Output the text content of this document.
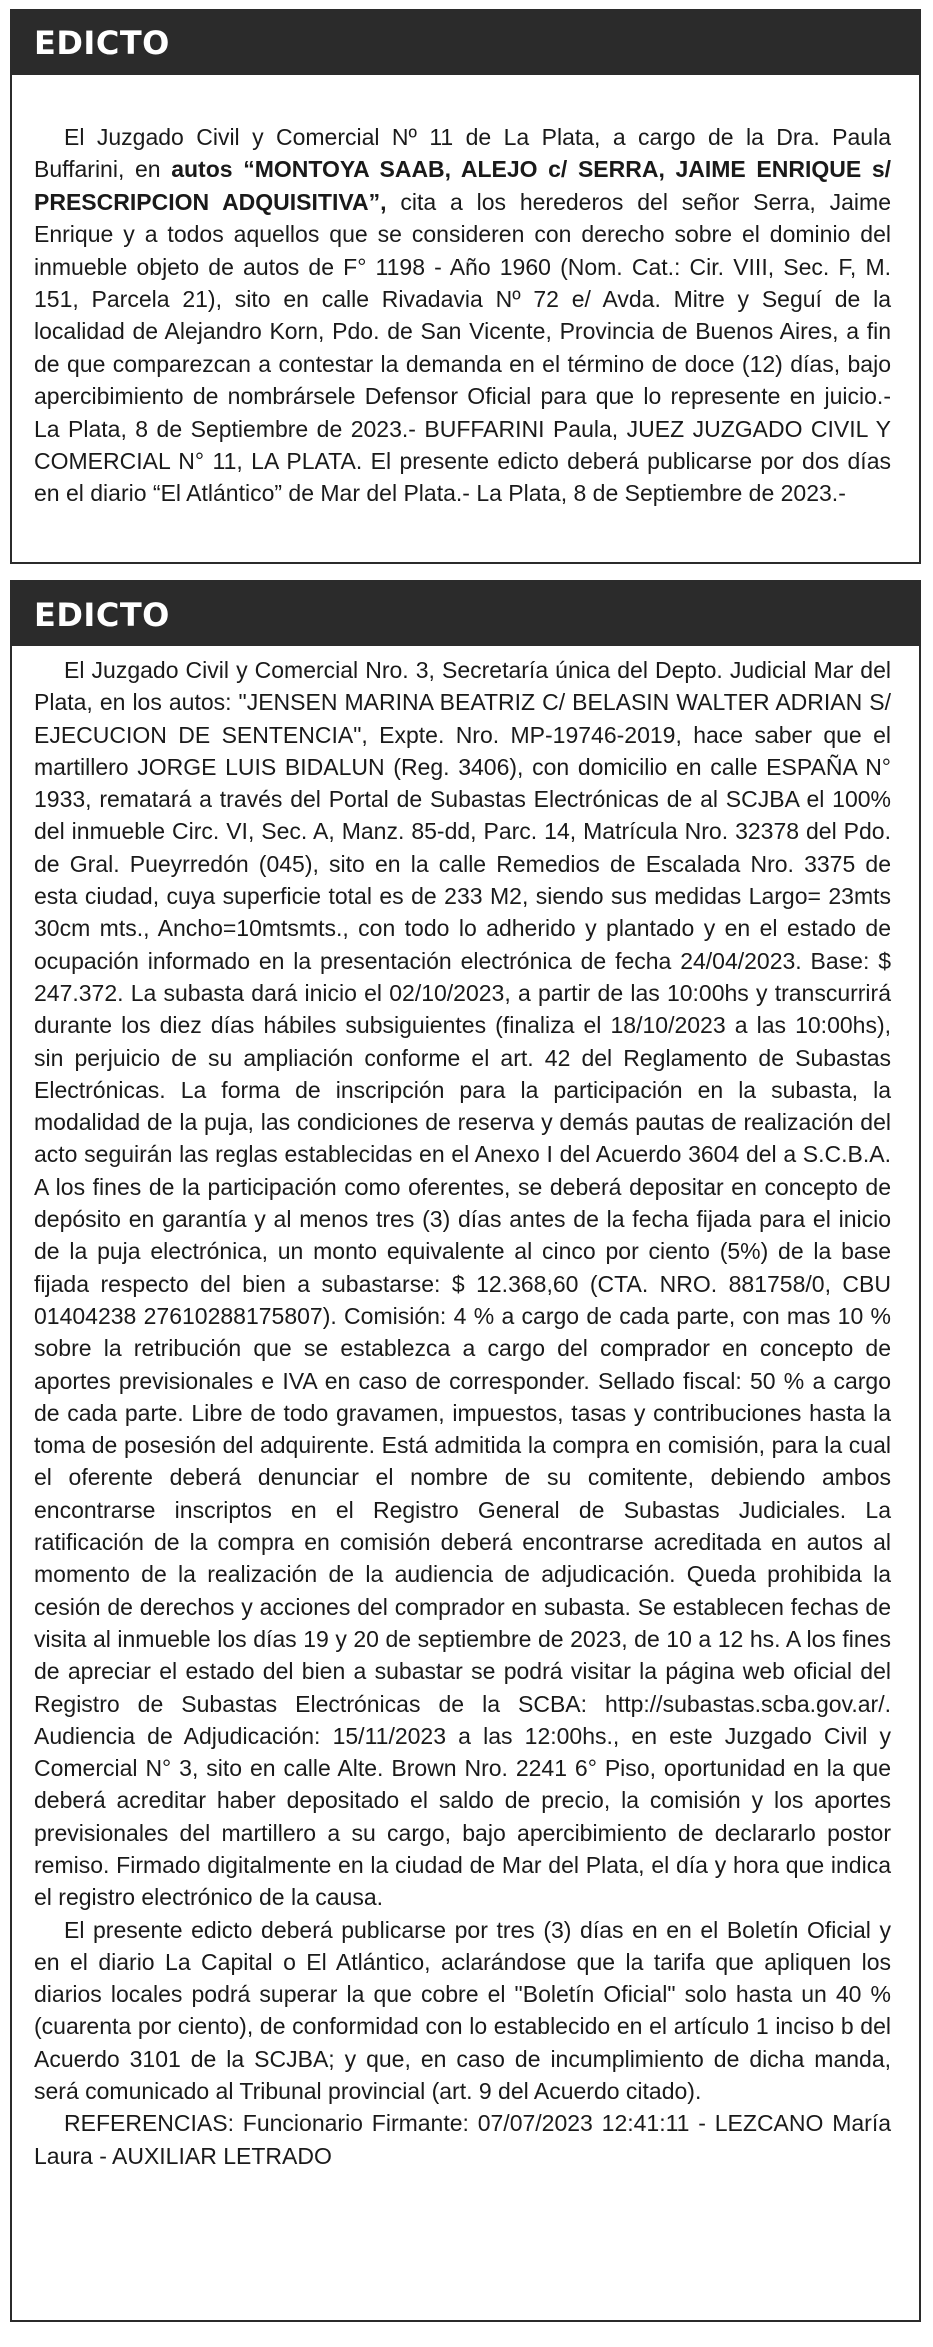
EDICTO

El Juzgado Civil y Comercial Nº 11 de La Plata, a cargo de la Dra. Paula Buffarini, en autos “MONTOYA SAAB, ALEJO c/ SERRA, JAIME ENRIQUE s/ PRESCRIPCION ADQUISITIVA”, cita a los herederos del señor Serra, Jaime Enrique y a todos aquellos que se consideren con derecho sobre el dominio del inmueble objeto de autos de F° 1198 - Año 1960 (Nom. Cat.: Cir. VIII, Sec. F, M. 151, Parcela 21), sito en calle Rivadavia Nº 72 e/ Avda. Mitre y Seguí de la localidad de Alejandro Korn, Pdo. de San Vicente, Provincia de Buenos Aires, a fin de que comparezcan a contestar la demanda en el término de doce (12) días, bajo apercibimiento de nombrársele Defensor Oficial para que lo represente en juicio.- La Plata, 8 de Septiembre de 2023.- BUFFARINI Paula, JUEZ JUZGADO CIVIL Y COMERCIAL N° 11, LA PLATA. El presente edicto deberá publicarse por dos días en el diario “El Atlántico” de Mar del Plata.- La Plata, 8 de Septiembre de 2023.-

EDICTO

El Juzgado Civil y Comercial Nro. 3, Secretaría única del Depto. Judicial Mar del Plata, en los autos: "JENSEN MARINA BEATRIZ C/ BELASIN WALTER ADRIAN S/ EJECUCION DE SENTENCIA", Expte. Nro. MP-19746-2019, hace saber que el martillero JORGE LUIS BIDALUN (Reg. 3406), con domicilio en calle ESPAÑA N° 1933, rematará a través del Portal de Subastas Electrónicas de al SCJBA el 100% del inmueble Circ. VI, Sec. A, Manz. 85-dd, Parc. 14, Matrícula Nro. 32378 del Pdo. de Gral. Pueyrredón (045), sito en la calle Remedios de Escalada Nro. 3375 de esta ciudad, cuya superficie total es de 233 M2, siendo sus medidas Largo= 23mts 30cm mts., Ancho=10mtsmts., con todo lo adherido y plantado y en el estado de ocupación informado en la presentación electrónica de fecha 24/04/2023. Base: $ 247.372. La subasta dará inicio el 02/10/2023, a partir de las 10:00hs y transcurrirá durante los diez días hábiles subsiguientes (finaliza el 18/10/2023 a las 10:00hs), sin perjuicio de su ampliación conforme el art. 42 del Reglamento de Subastas Electrónicas. La forma de inscripción para la participación en la subasta, la modalidad de la puja, las condiciones de reserva y demás pautas de realización del acto seguirán las reglas establecidas en el Anexo I del Acuerdo 3604 del a S.C.B.A. A los fines de la participación como oferentes, se deberá depositar en concepto de depósito en garantía y al menos tres (3) días antes de la fecha fijada para el inicio de la puja electrónica, un monto equivalente al cinco por ciento (5%) de la base fijada respecto del bien a subastarse: $ 12.368,60 (CTA. NRO. 881758/0, CBU 01404238 27610288175807). Comisión: 4 % a cargo de cada parte, con mas 10 % sobre la retribución que se establezca a cargo del comprador en concepto de aportes previsionales e IVA en caso de corresponder. Sellado fiscal: 50 % a cargo de cada parte. Libre de todo gravamen, impuestos, tasas y contribuciones hasta la toma de posesión del adquirente. Está admitida la compra en comisión, para la cual el oferente deberá denunciar el nombre de su comitente, debiendo ambos encontrarse inscriptos en el Registro General de Subastas Judiciales. La ratificación de la compra en comisión deberá encontrarse acreditada en autos al momento de la realización de la audiencia de adjudicación. Queda prohibida la cesión de derechos y acciones del comprador en subasta. Se establecen fechas de visita al inmueble los días 19 y 20 de septiembre de 2023, de 10 a 12 hs. A los fines de apreciar el estado del bien a subastar se podrá visitar la página web oficial del Registro de Subastas Electrónicas de la SCBA: http://subastas.scba.gov.ar/. Audiencia de Adjudicación: 15/11/2023 a las 12:00hs., en este Juzgado Civil y Comercial N° 3, sito en calle Alte. Brown Nro. 2241 6° Piso, oportunidad en la que deberá acreditar haber depositado el saldo de precio, la comisión y los aportes previsionales del martillero a su cargo, bajo apercibimiento de declararlo postor remiso. Firmado digitalmente en la ciudad de Mar del Plata, el día y hora que indica el registro electrónico de la causa.

El presente edicto deberá publicarse por tres (3) días en en el Boletín Oficial y en el diario La Capital o El Atlántico, aclarándose que la tarifa que apliquen los diarios locales podrá superar la que cobre el "Boletín Oficial" solo hasta un 40 % (cuarenta por ciento), de conformidad con lo establecido en el artículo 1 inciso b del Acuerdo 3101 de la SCJBA; y que, en caso de incumplimiento de dicha manda, será comunicado al Tribunal provincial (art. 9 del Acuerdo citado).

REFERENCIAS: Funcionario Firmante: 07/07/2023 12:41:11 - LEZCANO María Laura - AUXILIAR LETRADO
